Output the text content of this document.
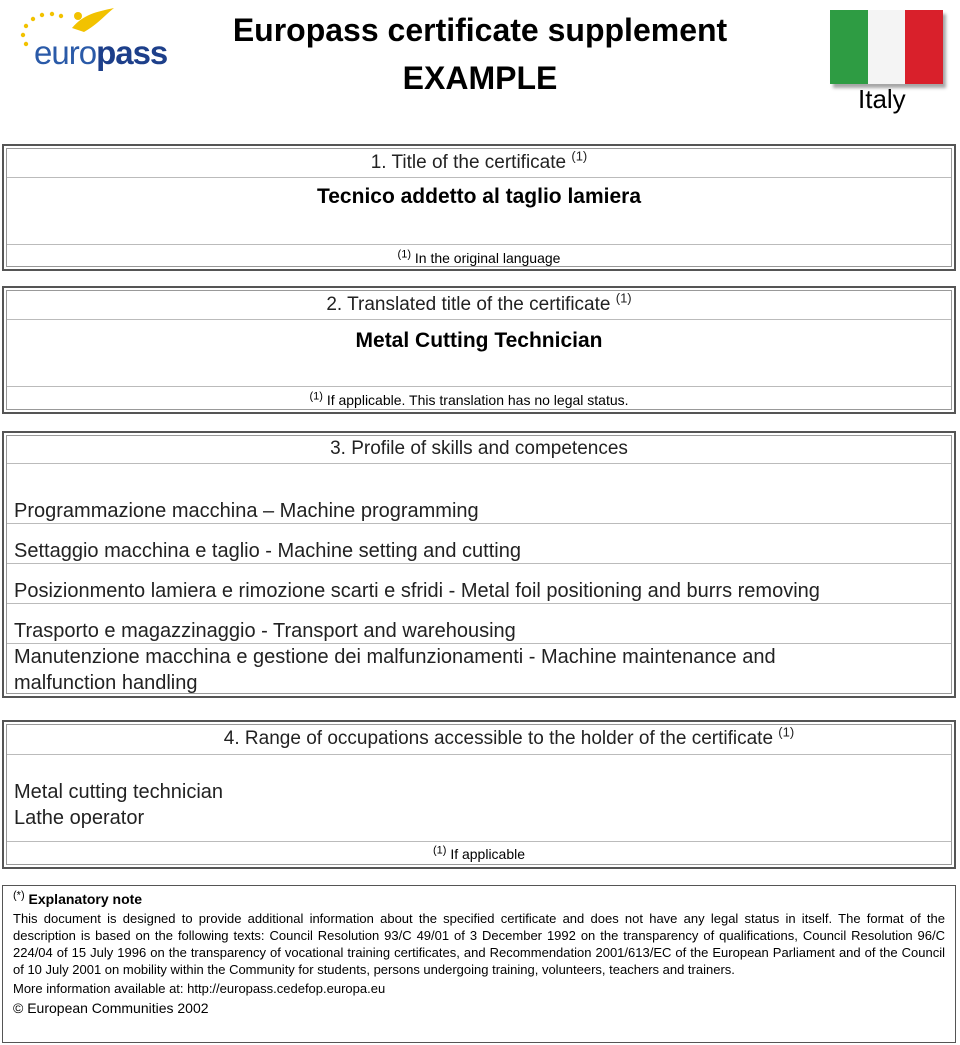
europass
Europass certificate supplement
EXAMPLE
Italy
1. Title of the certificate $^{(1)}$
Tecnico addetto al taglio lamiera
$^{(1)}$ In the original language
2. Translated title of the certificate $^{(1)}$
Metal Cutting Technician
$^{(1)}$ If applicable. This translation has no legal status.
3. Profile of skills and competences
Programmazione macchina – Machine programming
Settaggio macchina e taglio - Machine setting and cutting
Posizionmento lamiera e rimozione scarti e sfridi - Metal foil positioning and burrs removing
Trasporto e magazzinaggio - Transport and warehousing
Manutenzione macchina e gestione dei malfunzionamenti - Machine maintenance and
malfunction handling
4. Range of occupations accessible to the holder of the certificate $^{(1)}$
Metal cutting technician
Lathe operator
$^{(1)}$ If applicable
(*) Explanatory note
This document is designed to provide additional information about the specified certificate and does not have any legal status in itself. The format of the description is based on the following texts: Council Resolution 93/C 49/01 of 3 December 1992 on the transparency of qualifications, Council Resolution 96/C 224/04 of 15 July 1996 on the transparency of vocational training certificates, and Recommendation 2001/613/EC of the European Parliament and of the Council of 10 July 2001 on mobility within the Community for students, persons undergoing training, volunteers, teachers and trainers.
More information available at: http://europass.cedefop.europa.eu
© European Communities 2002
